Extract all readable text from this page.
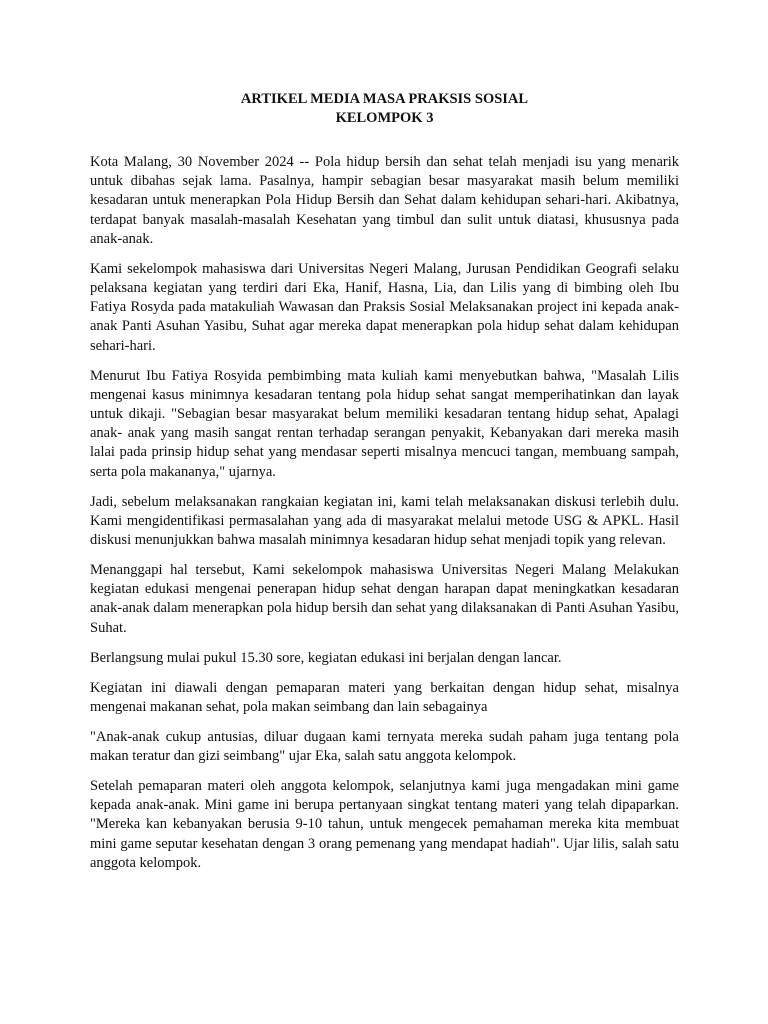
ARTIKEL MEDIA MASA PRAKSIS SOSIAL
KELOMPOK 3

Kota Malang, 30 November 2024 -- Pola hidup bersih dan sehat telah menjadi isu yang menarik untuk dibahas sejak lama. Pasalnya, hampir sebagian besar masyarakat masih belum memiliki kesadaran untuk menerapkan Pola Hidup Bersih dan Sehat dalam kehidupan sehari-hari. Akibatnya, terdapat banyak masalah-masalah Kesehatan yang timbul dan sulit untuk diatasi, khususnya pada anak-anak.

Kami sekelompok mahasiswa dari Universitas Negeri Malang, Jurusan Pendidikan Geografi selaku pelaksana kegiatan yang terdiri dari Eka, Hanif, Hasna, Lia, dan Lilis yang di bimbing oleh Ibu Fatiya Rosyda pada matakuliah Wawasan dan Praksis Sosial Melaksanakan project ini kepada anak-anak Panti Asuhan Yasibu, Suhat agar mereka dapat menerapkan pola hidup sehat dalam kehidupan sehari-hari.

Menurut Ibu Fatiya Rosyida pembimbing mata kuliah kami menyebutkan bahwa, "Masalah Lilis mengenai kasus minimnya kesadaran tentang pola hidup sehat sangat memperihatinkan dan layak untuk dikaji. "Sebagian besar masyarakat belum memiliki kesadaran tentang hidup sehat, Apalagi anak- anak yang masih sangat rentan terhadap serangan penyakit, Kebanyakan dari mereka masih lalai pada prinsip hidup sehat yang mendasar seperti misalnya mencuci tangan, membuang sampah, serta pola makananya," ujarnya.

Jadi, sebelum melaksanakan rangkaian kegiatan ini, kami telah melaksanakan diskusi terlebih dulu. Kami mengidentifikasi permasalahan yang ada di masyarakat melalui metode USG & APKL. Hasil diskusi menunjukkan bahwa masalah minimnya kesadaran hidup sehat menjadi topik yang relevan.

Menanggapi hal tersebut, Kami sekelompok mahasiswa Universitas Negeri Malang Melakukan kegiatan edukasi mengenai penerapan hidup sehat dengan harapan dapat meningkatkan kesadaran anak-anak dalam menerapkan pola hidup bersih dan sehat yang dilaksanakan di Panti Asuhan Yasibu, Suhat.

Berlangsung mulai pukul 15.30 sore, kegiatan edukasi ini berjalan dengan lancar.

Kegiatan ini diawali dengan pemaparan materi yang berkaitan dengan hidup sehat, misalnya mengenai makanan sehat, pola makan seimbang dan lain sebagainya

"Anak-anak cukup antusias, diluar dugaan kami ternyata mereka sudah paham juga tentang pola makan teratur dan gizi seimbang" ujar Eka, salah satu anggota kelompok.

Setelah pemaparan materi oleh anggota kelompok, selanjutnya kami juga mengadakan mini game kepada anak-anak. Mini game ini berupa pertanyaan singkat tentang materi yang telah dipaparkan. "Mereka kan kebanyakan berusia 9-10 tahun, untuk mengecek pemahaman mereka kita membuat mini game seputar kesehatan dengan 3 orang pemenang yang mendapat hadiah". Ujar lilis, salah satu anggota kelompok.
